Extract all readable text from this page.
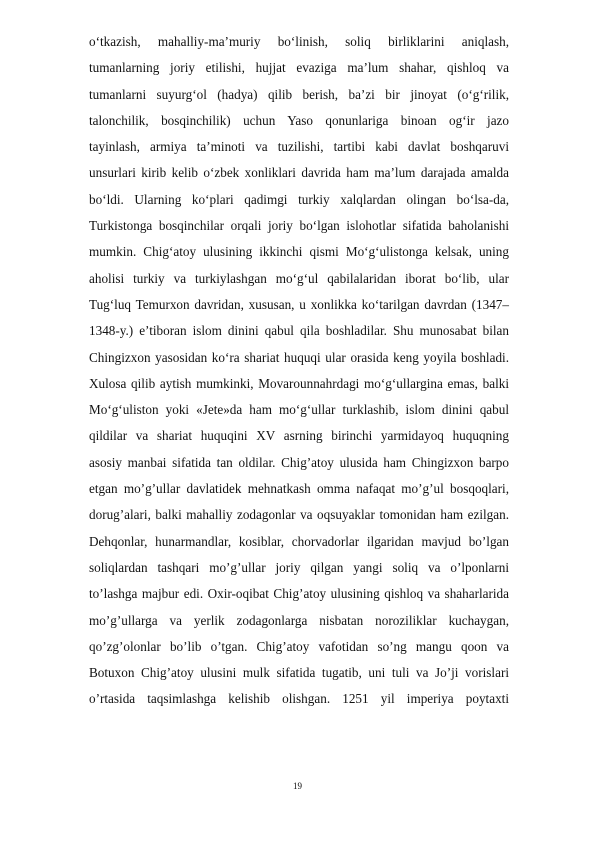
o‘tkazish, mahalliy-ma’muriy bo‘linish, soliq birliklarini aniqlash,
tumanlarning joriy etilishi, hujjat evaziga ma’lum shahar, qishloq va
tumanlarni suyurg‘ol (hadya) qilib berish, ba’zi bir jinoyat (o‘g‘rilik,
talonchilik, bosqinchilik) uchun Yaso qonunlariga binoan og‘ir jazo
tayinlash, armiya ta’minoti va tuzilishi, tartibi kabi davlat boshqaruvi
unsurlari kirib kelib o‘zbek xonliklari davrida ham ma’lum darajada amalda
bo‘ldi. Ularning ko‘plari qadimgi turkiy xalqlardan olingan bo‘lsa-da,
Turkistonga bosqinchilar orqali joriy bo‘lgan islohotlar sifatida baholanishi
mumkin. Chig‘atoy ulusining ikkinchi qismi Mo‘g‘ulistonga kelsak, uning
aholisi turkiy va turkiylashgan mo‘g‘ul qabilalaridan iborat bo‘lib, ular
Tug‘luq Temurxon davridan, xususan, u xonlikka ko‘tarilgan davrdan (1347–
1348-y.) e’tiboran islom dinini qabul qila boshladilar. Shu munosabat bilan
Chingizxon yasosidan ko‘ra shariat huquqi ular orasida keng yoyila boshladi.
Xulosa qilib aytish mumkinki, Movarounnahrdagi mo‘g‘ullargina emas, balki
Mo‘g‘uliston yoki «Jete»da ham mo‘g‘ullar turklashib, islom dinini qabul
qildilar va shariat huquqini XV asrning birinchi yarmidayoq huquqning
asosiy manbai sifatida tan oldilar. Chig’atoy ulusida ham Chingizxon barpo
etgan mo’g’ullar davlatidek mehnatkash omma nafaqat mo’g’ul bosqoqlari,
dorug’alari, balki mahalliy zodagonlar va oqsuyaklar tomonidan ham ezilgan.
Dehqonlar, hunarmandlar, kosiblar, chorvadorlar ilgaridan mavjud bo’lgan
soliqlardan tashqari mo’g’ullar joriy qilgan yangi soliq va o’lponlarni
to’lashga majbur edi. Oxir-oqibat Chig’atoy ulusining qishloq va shaharlarida
mo’g’ullarga va yerlik zodagonlarga nisbatan noroziliklar kuchaygan,
qo’zg’olonlar bo’lib o’tgan. Chig’atoy vafotidan so’ng mangu qoon va
Botuxon Chig’atoy ulusini mulk sifatida tugatib, uni tuli va Jo’ji vorislari
o’rtasida taqsimlashga kelishib olishgan. 1251 yil imperiya poytaxti
19
